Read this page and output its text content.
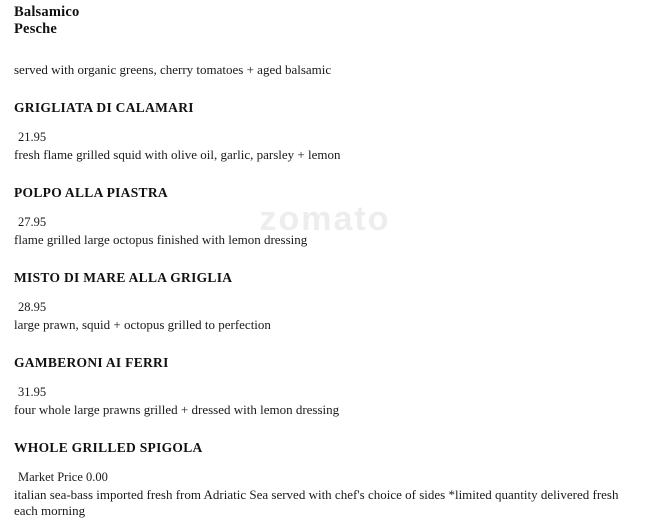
zomato
Balsamico
Pesche
served with organic greens, cherry tomatoes + aged balsamic
GRIGLIATA DI CALAMARI
21.95
fresh flame grilled squid with olive oil, garlic, parsley + lemon
POLPO ALLA PIASTRA
27.95
flame grilled large octopus finished with lemon dressing
MISTO DI MARE ALLA GRIGLIA
28.95
large prawn, squid + octopus grilled to perfection
GAMBERONI AI FERRI
31.95
four whole large prawns grilled + dressed with lemon dressing
WHOLE GRILLED SPIGOLA
Market Price 0.00
italian sea-bass imported fresh from Adriatic Sea served with chef's choice of sides *limited quantity delivered fresh each morning
